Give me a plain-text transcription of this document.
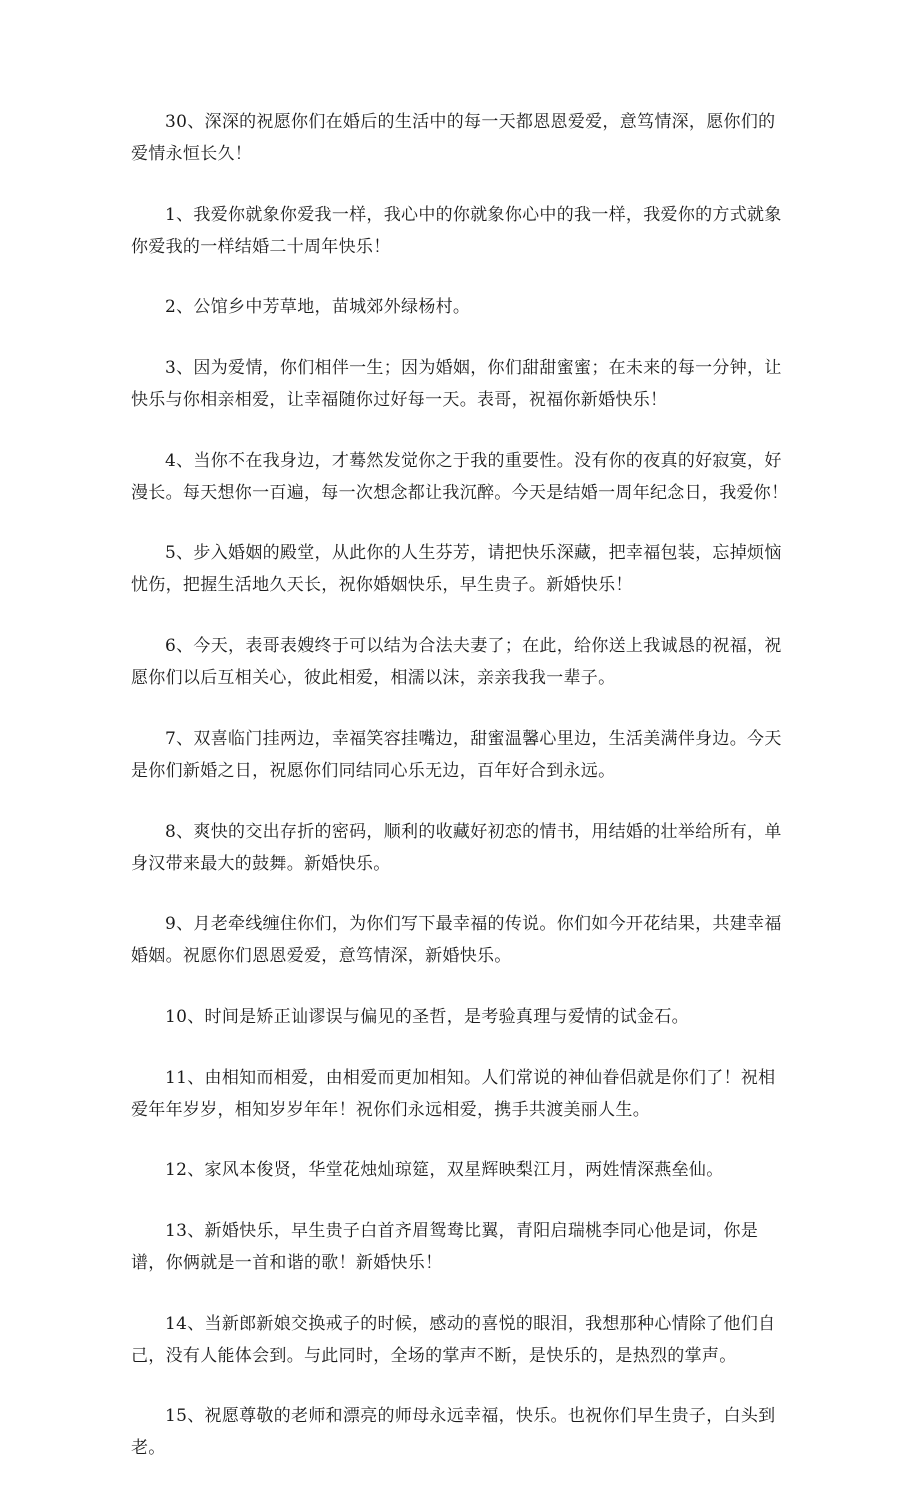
30、深深的祝愿你们在婚后的生活中的每一天都恩恩爱爱，意笃情深，愿你们的爱情永恒长久！

1、我爱你就象你爱我一样，我心中的你就象你心中的我一样，我爱你的方式就象你爱我的一样结婚二十周年快乐！

2、公馆乡中芳草地，苗城郊外绿杨村。

3、因为爱情，你们相伴一生；因为婚姻，你们甜甜蜜蜜；在未来的每一分钟，让快乐与你相亲相爱，让幸福随你过好每一天。表哥，祝福你新婚快乐！

4、当你不在我身边，才蓦然发觉你之于我的重要性。没有你的夜真的好寂寞，好漫长。每天想你一百遍，每一次想念都让我沉醉。今天是结婚一周年纪念日，我爱你！

5、步入婚姻的殿堂，从此你的人生芬芳，请把快乐深藏，把幸福包装，忘掉烦恼忧伤，把握生活地久天长，祝你婚姻快乐，早生贵子。新婚快乐！

6、今天，表哥表嫂终于可以结为合法夫妻了；在此，给你送上我诚恳的祝福，祝愿你们以后互相关心，彼此相爱，相濡以沫，亲亲我我一辈子。

7、双喜临门挂两边，幸福笑容挂嘴边，甜蜜温馨心里边，生活美满伴身边。今天是你们新婚之日，祝愿你们同结同心乐无边，百年好合到永远。

8、爽快的交出存折的密码，顺利的收藏好初恋的情书，用结婚的壮举给所有，单身汉带来最大的鼓舞。新婚快乐。

9、月老牵线缠住你们，为你们写下最幸福的传说。你们如今开花结果，共建幸福婚姻。祝愿你们恩恩爱爱，意笃情深，新婚快乐。

10、时间是矫正讪谬误与偏见的圣哲，是考验真理与爱情的试金石。

11、由相知而相爱，由相爱而更加相知。人们常说的神仙眷侣就是你们了！祝相爱年年岁岁，相知岁岁年年！祝你们永远相爱，携手共渡美丽人生。

12、家风本俊贤，华堂花烛灿琼筵，双星辉映梨江月，两姓情深燕垒仙。

13、新婚快乐，早生贵子白首齐眉鸳鸯比翼，青阳启瑞桃李同心他是词，你是谱，你俩就是一首和谐的歌！新婚快乐！

14、当新郎新娘交换戒子的时候，感动的喜悦的眼泪，我想那种心情除了他们自己，没有人能体会到。与此同时，全场的掌声不断，是快乐的，是热烈的掌声。

15、祝愿尊敬的老师和漂亮的师母永远幸福，快乐。也祝你们早生贵子，白头到老。
